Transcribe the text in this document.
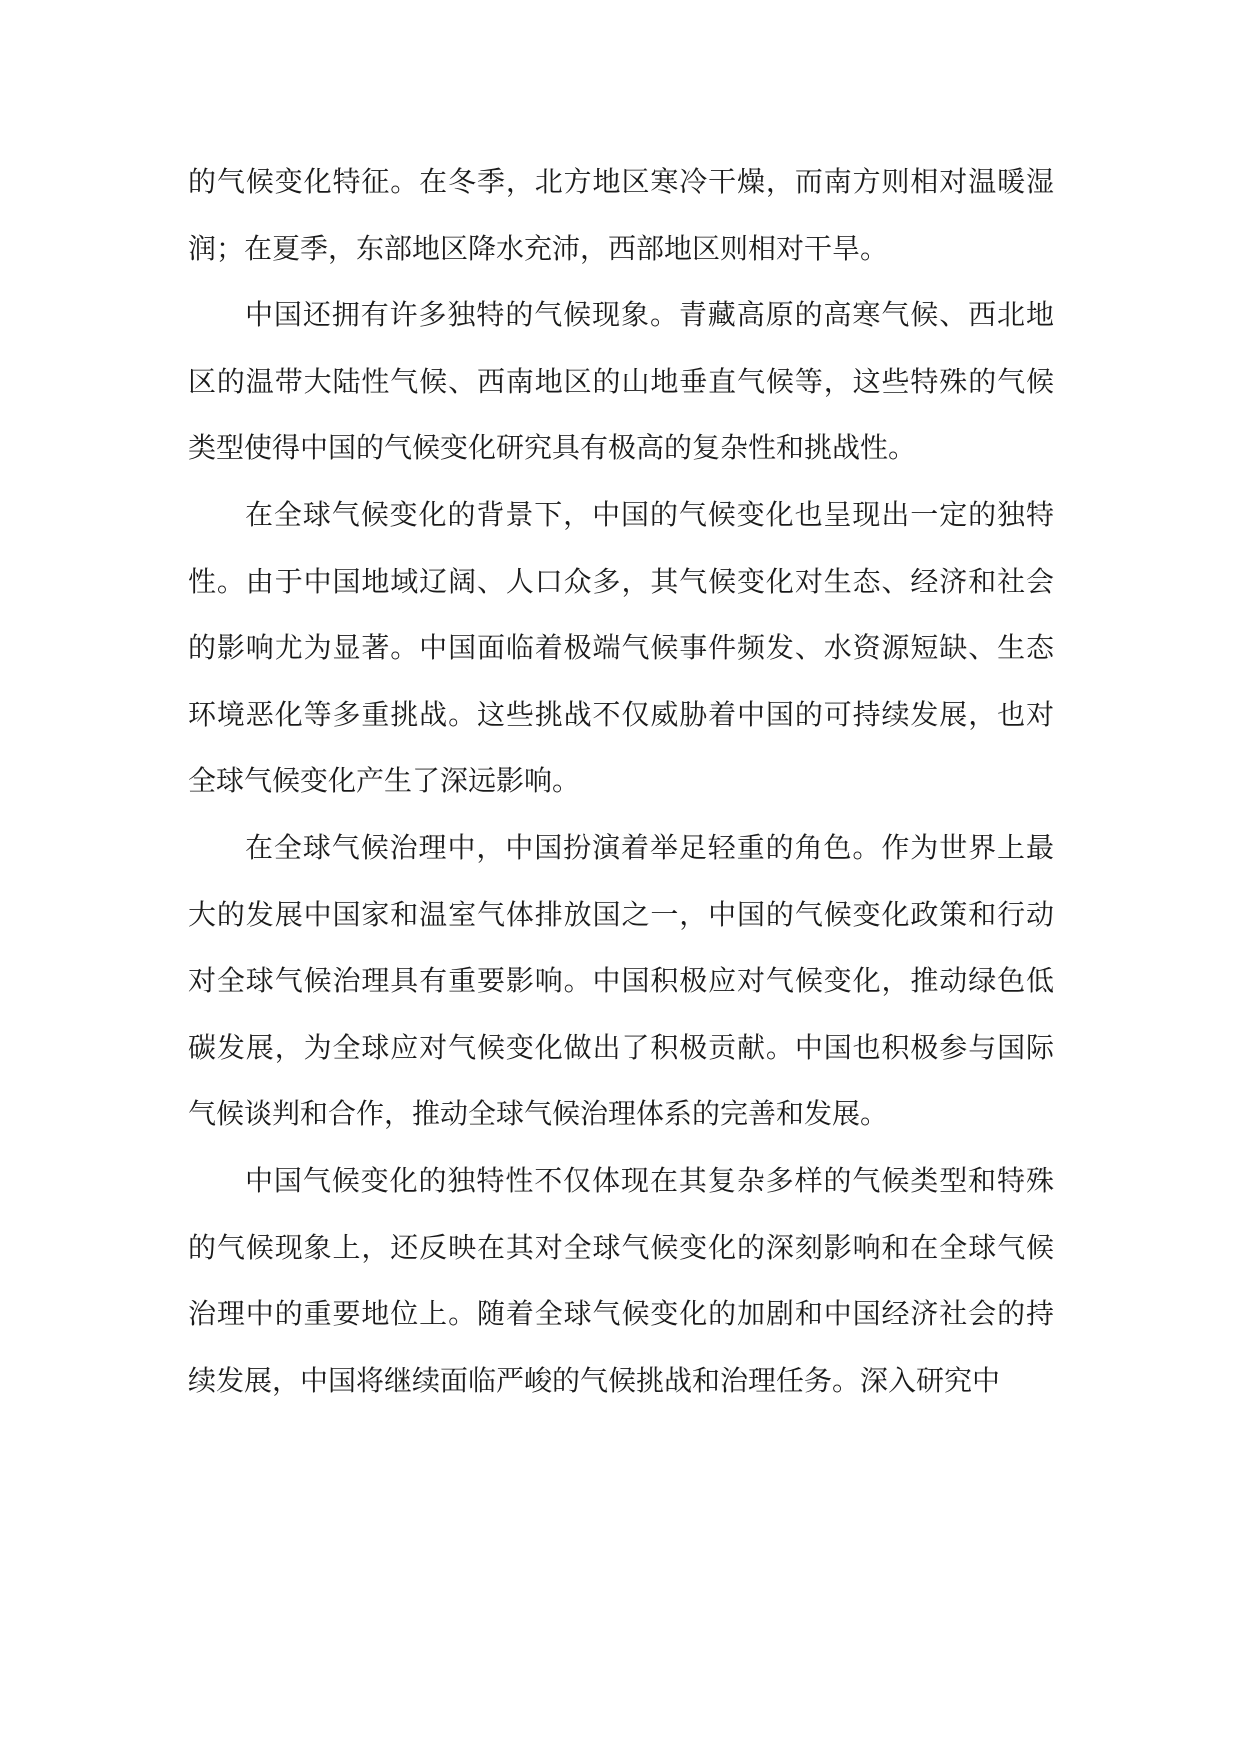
的气候变化特征。在冬季，北方地区寒冷干燥，而南方则相对温暖湿润；在夏季，东部地区降水充沛，西部地区则相对干旱。

中国还拥有许多独特的气候现象。青藏高原的高寒气候、西北地区的温带大陆性气候、西南地区的山地垂直气候等，这些特殊的气候类型使得中国的气候变化研究具有极高的复杂性和挑战性。

在全球气候变化的背景下，中国的气候变化也呈现出一定的独特性。由于中国地域辽阔、人口众多，其气候变化对生态、经济和社会的影响尤为显著。中国面临着极端气候事件频发、水资源短缺、生态环境恶化等多重挑战。这些挑战不仅威胁着中国的可持续发展，也对全球气候变化产生了深远影响。

在全球气候治理中，中国扮演着举足轻重的角色。作为世界上最大的发展中国家和温室气体排放国之一，中国的气候变化政策和行动对全球气候治理具有重要影响。中国积极应对气候变化，推动绿色低碳发展，为全球应对气候变化做出了积极贡献。中国也积极参与国际气候谈判和合作，推动全球气候治理体系的完善和发展。

中国气候变化的独特性不仅体现在其复杂多样的气候类型和特殊的气候现象上，还反映在其对全球气候变化的深刻影响和在全球气候治理中的重要地位上。随着全球气候变化的加剧和中国经济社会的持续发展，中国将继续面临严峻的气候挑战和治理任务。深入研究中
